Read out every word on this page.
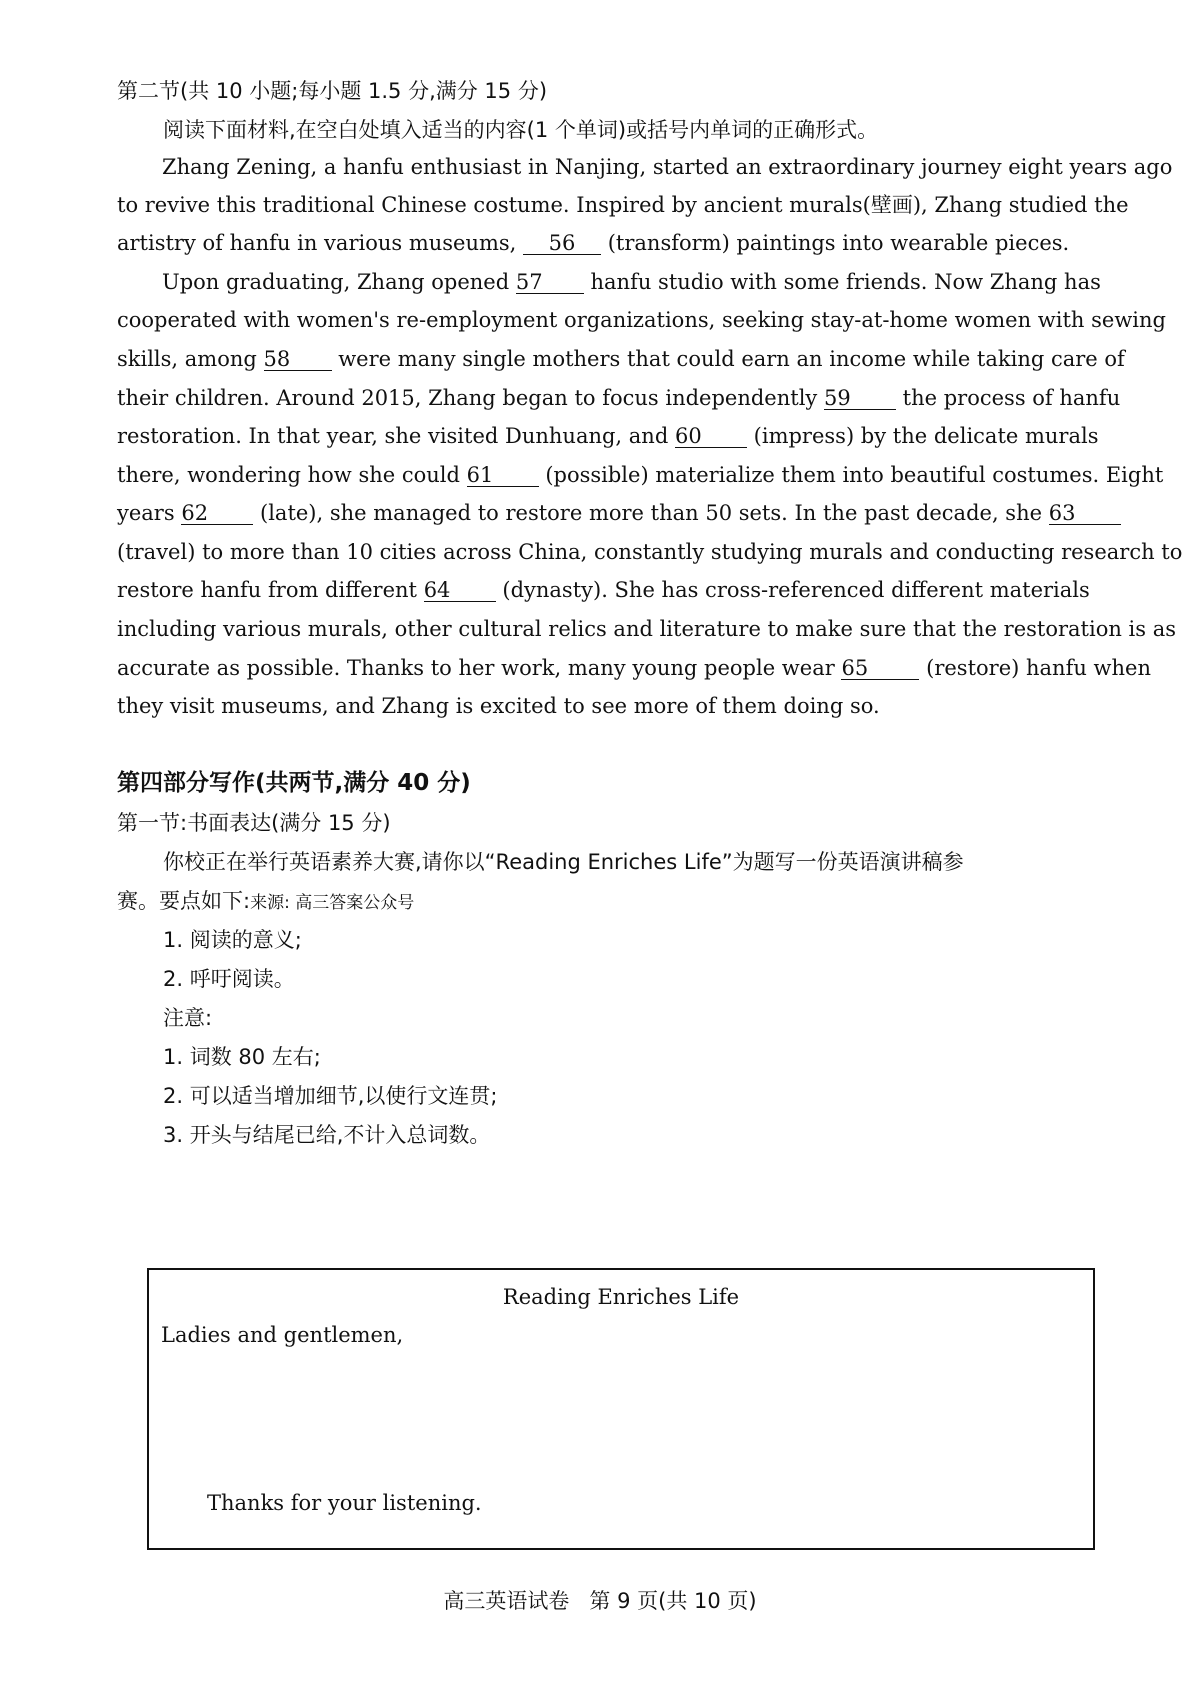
第二节(共 10 小题;每小题 1.5 分,满分 15 分)
阅读下面材料,在空白处填入适当的内容(1 个单词)或括号内单词的正确形式。
Zhang Zening, a hanfu enthusiast in Nanjing, started an extraordinary journey eight years ago
to revive this traditional Chinese costume. Inspired by ancient murals(壁画), Zhang studied the
artistry of hanfu in various museums, 56 (transform) paintings into wearable pieces.
Upon graduating, Zhang opened 57 hanfu studio with some friends. Now Zhang has
cooperated with women's re-employment organizations, seeking stay-at-home women with sewing
skills, among 58 were many single mothers that could earn an income while taking care of
their children. Around 2015, Zhang began to focus independently 59 the process of hanfu
restoration. In that year, she visited Dunhuang, and 60 (impress) by the delicate murals
there, wondering how she could 61 (possible) materialize them into beautiful costumes. Eight
years 62 (late), she managed to restore more than 50 sets. In the past decade, she 63
(travel) to more than 10 cities across China, constantly studying murals and conducting research to
restore hanfu from different 64 (dynasty). She has cross-referenced different materials
including various murals, other cultural relics and literature to make sure that the restoration is as
accurate as possible. Thanks to her work, many young people wear 65	(restore) hanfu when
they visit museums, and Zhang is excited to see more of them doing so.
第四部分写作(共两节,满分 40 分)
第一节:书面表达(满分 15 分)
你校正在举行英语素养大赛,请你以“Reading Enriches Life”为题写一份英语演讲稿参
赛。要点如下:来源: 高三答案公众号
1. 阅读的意义;
2. 呼吁阅读。
注意:
1. 词数 80 左右;
2. 可以适当增加细节,以使行文连贯;
3. 开头与结尾已给,不计入总词数。
Reading Enriches Life
Ladies and gentlemen,
Thanks for your listening.
高三英语试卷   第 9 页(共 10 页)
